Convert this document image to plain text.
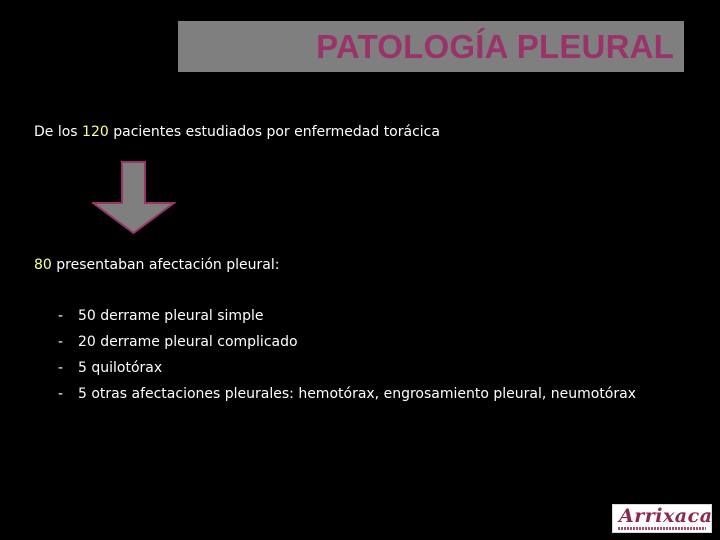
PATOLOGÍA PLEURAL
De los 120 pacientes estudiados por enfermedad torácica
80 presentaban afectación pleural:
- 50 derrame pleural simple
- 20 derrame pleural complicado
- 5 quilotórax
- 5 otras afectaciones pleurales: hemotórax, engrosamiento pleural, neumotórax
Arrixaca
